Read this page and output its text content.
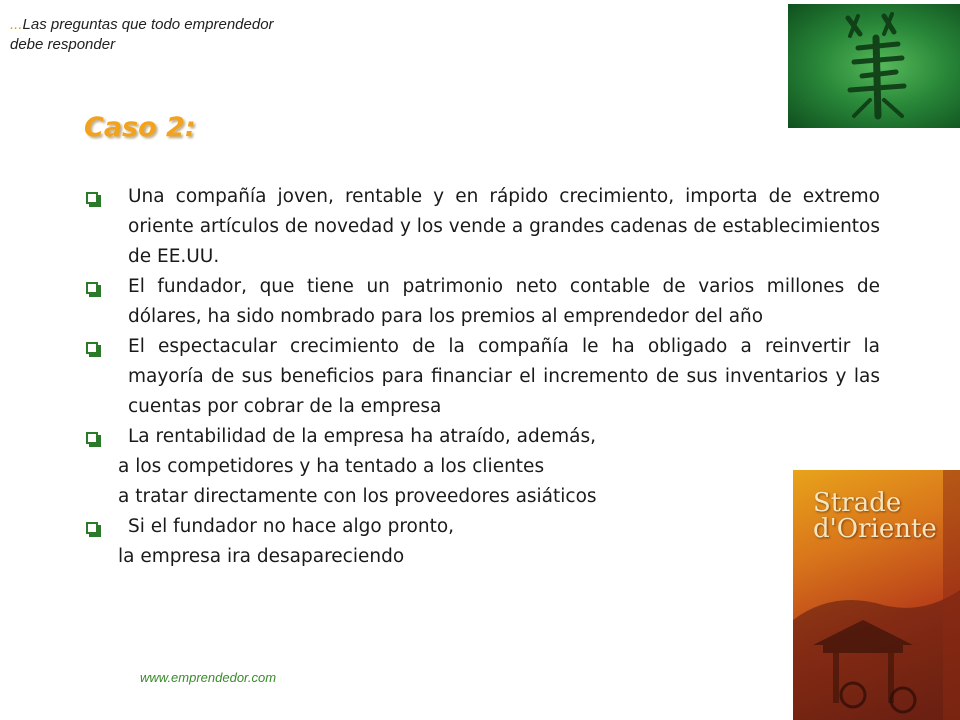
...Las preguntas que todo emprendedor
debe responder
Caso 2:
Una compañía joven, rentable y en rápido crecimiento, importa de extremo oriente artículos de novedad y los vende a grandes cadenas de establecimientos de EE.UU.
El fundador, que tiene un patrimonio neto contable de varios millones de dólares, ha sido nombrado para los premios al emprendedor del año
El espectacular crecimiento de la compañía le ha obligado a reinvertir la mayoría de sus beneficios para financiar el incremento de sus inventarios y las cuentas por cobrar de la empresa
La rentabilidad de la empresa ha atraído, además,
a los competidores y ha tentado a los clientes
a tratar directamente con los proveedores asiáticos
Si el fundador no hace algo pronto,
la empresa ira desapareciendo
Strade
d'Oriente
www.emprendedor.com
